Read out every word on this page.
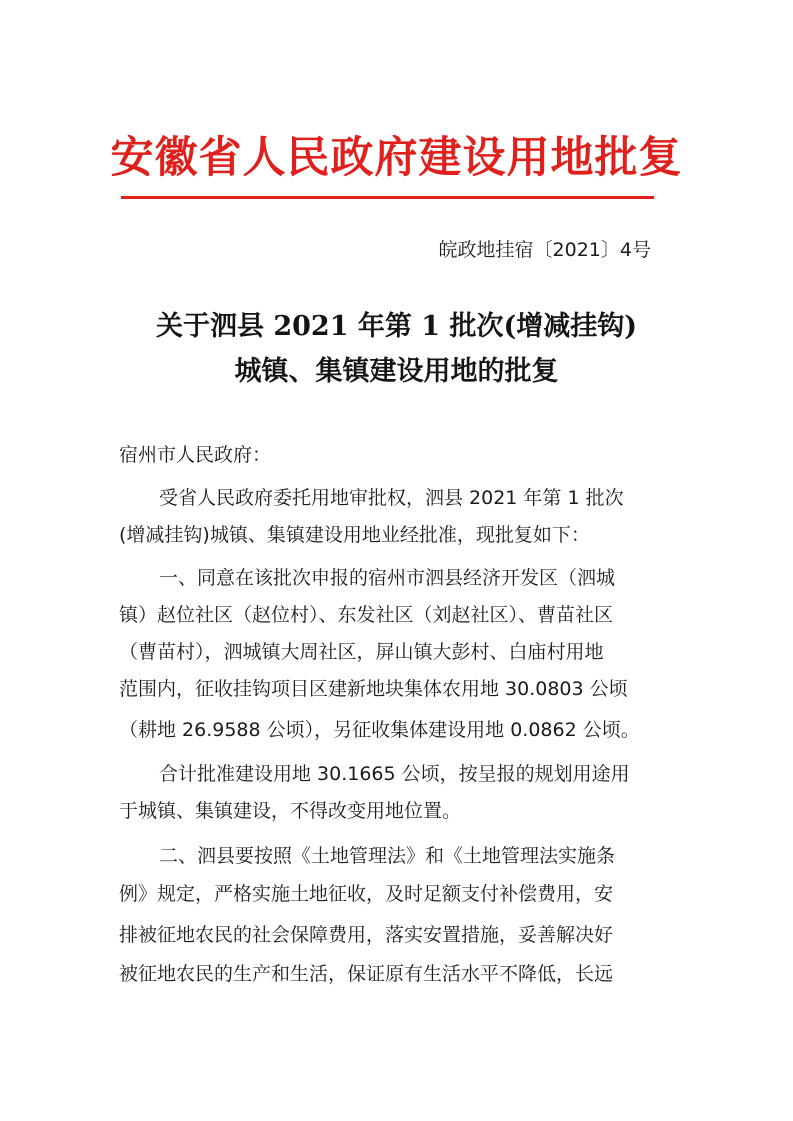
安徽省人民政府建设用地批复
皖政地挂宿〔2021〕4号
关于泗县 2021 年第 1 批次(增减挂钩)
城镇、集镇建设用地的批复
宿州市人民政府：
受省人民政府委托用地审批权，泗县 2021 年第 1 批次
(增减挂钩)城镇、集镇建设用地业经批准，现批复如下：
一、同意在该批次申报的宿州市泗县经济开发区（泗城
镇）赵位社区（赵位村）、东发社区（刘赵社区）、曹苗社区
（曹苗村），泗城镇大周社区，屏山镇大彭村、白庙村用地
范围内，征收挂钩项目区建新地块集体农用地 30.0803 公顷
（耕地 26.9588 公顷），另征收集体建设用地 0.0862 公顷。
合计批准建设用地 30.1665 公顷，按呈报的规划用途用
于城镇、集镇建设，不得改变用地位置。
二、泗县要按照《土地管理法》和《土地管理法实施条
例》规定，严格实施土地征收，及时足额支付补偿费用，安
排被征地农民的社会保障费用，落实安置措施，妥善解决好
被征地农民的生产和生活，保证原有生活水平不降低，长远
